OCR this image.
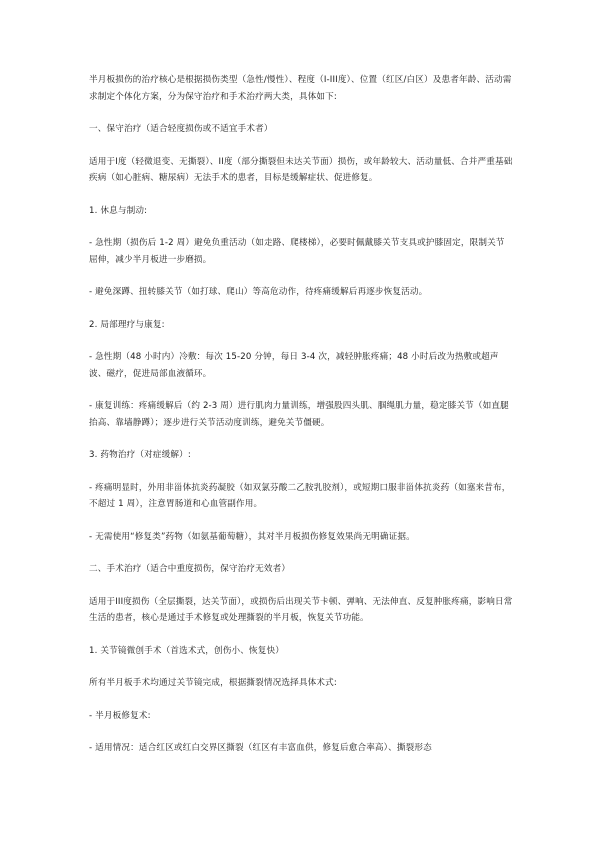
半月板损伤的治疗核心是根据损伤类型（急性/慢性）、程度（I-III度）、位置（红区/白区）及患者年龄、活动需求制定个体化方案，分为保守治疗和手术治疗两大类，具体如下:

一、保守治疗（适合轻度损伤或不适宜手术者）

适用于I度（轻微退变、无撕裂）、II度（部分撕裂但未达关节面）损伤，或年龄较大、活动量低、合并严重基础疾病（如心脏病、糖尿病）无法手术的患者，目标是缓解症状、促进修复。

1. 休息与制动:

- 急性期（损伤后 1-2 周）避免负重活动（如走路、爬楼梯），必要时佩戴膝关节支具或护膝固定，限制关节屈伸，减少半月板进一步磨损。

- 避免深蹲、扭转膝关节（如打球、爬山）等高危动作，待疼痛缓解后再逐步恢复活动。

2. 局部理疗与康复:

- 急性期（48 小时内）冷敷：每次 15-20 分钟，每日 3-4 次，减轻肿胀疼痛；48 小时后改为热敷或超声波、磁疗，促进局部血液循环。

- 康复训练：疼痛缓解后（约 2-3 周）进行肌肉力量训练，增强股四头肌、腘绳肌力量，稳定膝关节（如直腿抬高、靠墙静蹲）；逐步进行关节活动度训练，避免关节僵硬。

3. 药物治疗（对症缓解）:

- 疼痛明显时，外用非甾体抗炎药凝胶（如双氯芬酸二乙胺乳胶剂），或短期口服非甾体抗炎药（如塞来昔布，不超过 1 周），注意胃肠道和心血管副作用。

- 无需使用“修复类”药物（如氨基葡萄糖），其对半月板损伤修复效果尚无明确证据。

二、手术治疗（适合中重度损伤，保守治疗无效者）

适用于III度损伤（全层撕裂，达关节面），或损伤后出现关节卡顿、弹响、无法伸直、反复肿胀疼痛，影响日常生活的患者，核心是通过手术修复或处理撕裂的半月板，恢复关节功能。

1. 关节镜微创手术（首选术式，创伤小、恢复快）

所有半月板手术均通过关节镜完成，根据撕裂情况选择具体术式:

- 半月板修复术:

- 适用情况：适合红区或红白交界区撕裂（红区有丰富血供，修复后愈合率高）、撕裂形态
